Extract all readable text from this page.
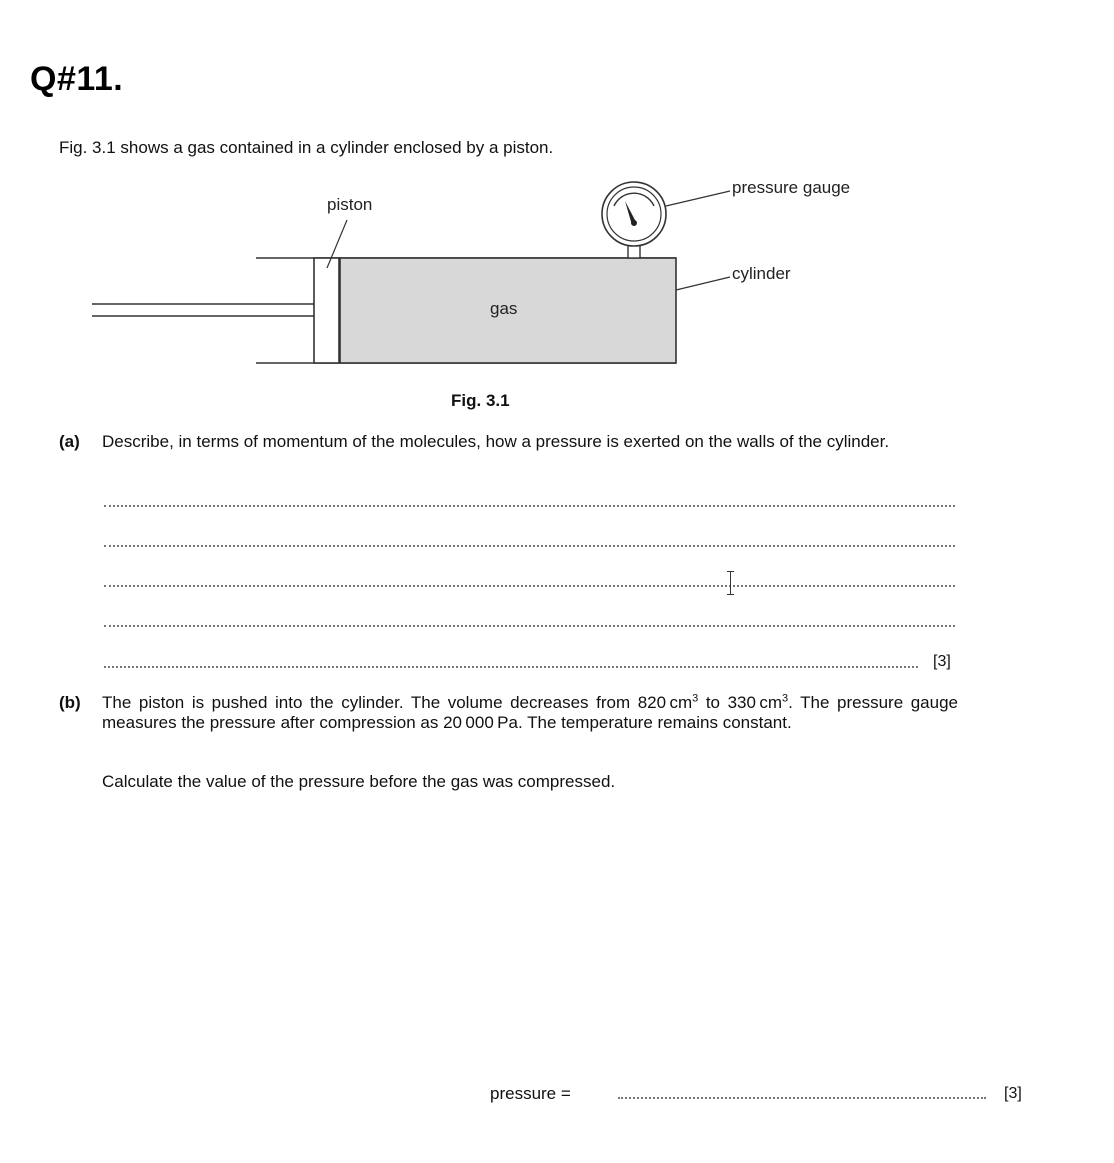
Q#11.
Fig. 3.1 shows a gas contained in a cylinder enclosed by a piston.
piston
gas
pressure gauge
cylinder
Fig. 3.1
(a) Describe, in terms of momentum of the molecules, how a pressure is exerted on the walls of the cylinder.
[3]
(b) The piston is pushed into the cylinder. The volume decreases from 820 $cm^3$ to 330 $cm^3$. The pressure gauge measures the pressure after compression as 20 000 Pa. The temperature remains constant.
Calculate the value of the pressure before the gas was compressed.
pressure =	[3]
